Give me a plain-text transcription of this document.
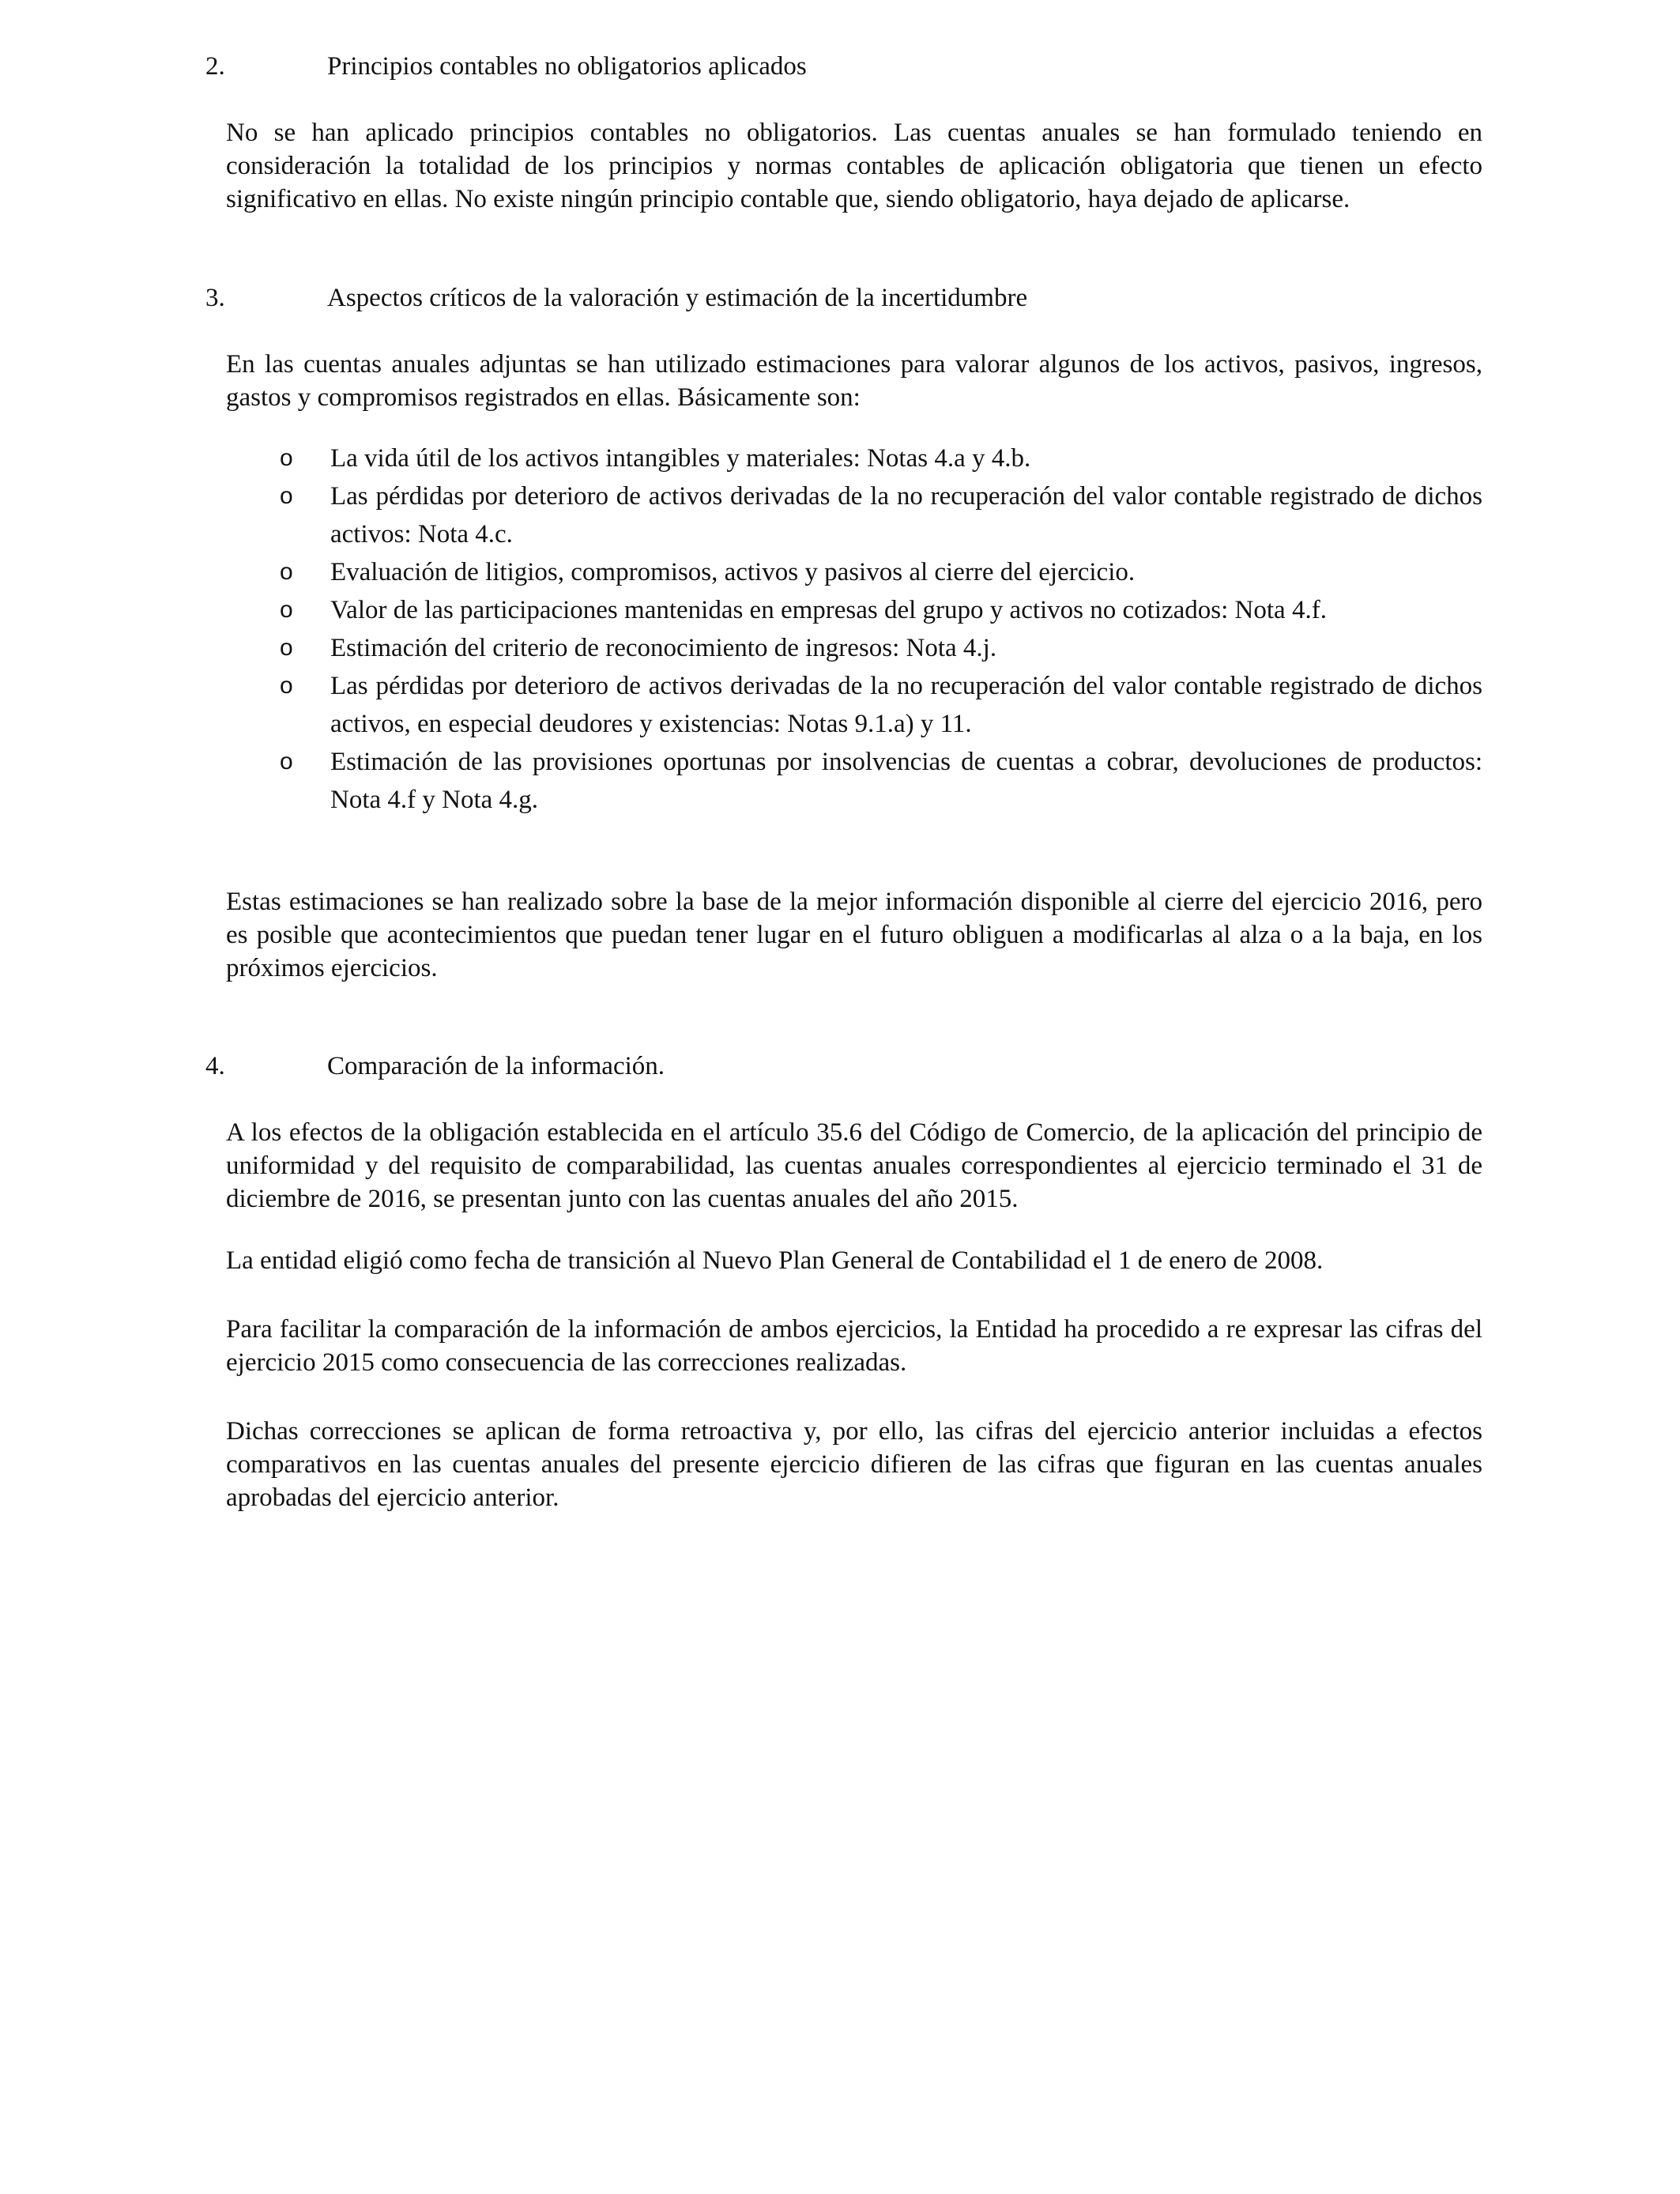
2.	Principios contables no obligatorios aplicados

No se han aplicado principios contables no obligatorios. Las cuentas anuales se han formulado teniendo en consideración la totalidad de los principios y normas contables de aplicación obligatoria que tienen un efecto significativo en ellas. No existe ningún principio contable que, siendo obligatorio, haya dejado de aplicarse.

3.	Aspectos críticos de la valoración y estimación de la incertidumbre

En las cuentas anuales adjuntas se han utilizado estimaciones para valorar algunos de los activos, pasivos, ingresos, gastos y compromisos registrados en ellas. Básicamente son:

o La vida útil de los activos intangibles y materiales: Notas 4.a y 4.b.
o Las pérdidas por deterioro de activos derivadas de la no recuperación del valor contable registrado de dichos activos: Nota 4.c.
o Evaluación de litigios, compromisos, activos y pasivos al cierre del ejercicio.
o Valor de las participaciones mantenidas en empresas del grupo y activos no cotizados: Nota 4.f.
o Estimación del criterio de reconocimiento de ingresos: Nota 4.j.
o Las pérdidas por deterioro de activos derivadas de la no recuperación del valor contable registrado de dichos activos, en especial deudores y existencias: Notas 9.1.a) y 11.
o Estimación de las provisiones oportunas por insolvencias de cuentas a cobrar, devoluciones de productos: Nota 4.f y Nota 4.g.

Estas estimaciones se han realizado sobre la base de la mejor información disponible al cierre del ejercicio 2016, pero es posible que acontecimientos que puedan tener lugar en el futuro obliguen a modificarlas al alza o a la baja, en los próximos ejercicios.

4.	Comparación de la información.

A los efectos de la obligación establecida en el artículo 35.6 del Código de Comercio, de la aplicación del principio de uniformidad y del requisito de comparabilidad, las cuentas anuales correspondientes al ejercicio terminado el 31 de diciembre de 2016, se presentan junto con las cuentas anuales del año 2015.

La entidad eligió como fecha de transición al Nuevo Plan General de Contabilidad el 1 de enero de 2008.

Para facilitar la comparación de la información de ambos ejercicios, la Entidad ha procedido a re expresar las cifras del ejercicio 2015 como consecuencia de las correcciones realizadas.

Dichas correcciones se aplican de forma retroactiva y, por ello, las cifras del ejercicio anterior incluidas a efectos comparativos en las cuentas anuales del presente ejercicio difieren de las cifras que figuran en las cuentas anuales aprobadas del ejercicio anterior.
